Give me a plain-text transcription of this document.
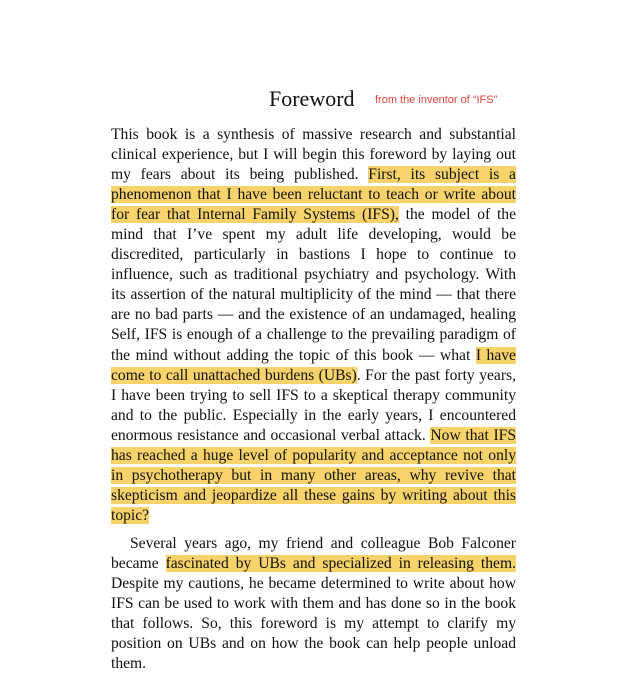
Foreword from the inventor of “IFS”

This book is a synthesis of massive research and substantial clinical experience, but I will begin this foreword by laying out my fears about its being published. First, its subject is a phenomenon that I have been reluctant to teach or write about for fear that Internal Family Systems (IFS), the model of the mind that I’ve spent my adult life developing, would be discredited, particularly in bastions I hope to continue to influence, such as traditional psychiatry and psychology. With its assertion of the natural multiplicity of the mind — that there are no bad parts — and the existence of an undamaged, healing Self, IFS is enough of a challenge to the prevailing paradigm of the mind without adding the topic of this book — what I have come to call unattached burdens (UBs). For the past forty years, I have been trying to sell IFS to a skeptical therapy community and to the public. Especially in the early years, I encountered enormous resistance and occasional verbal attack. Now that IFS has reached a huge level of popularity and acceptance not only in psychotherapy but in many other areas, why revive that skepticism and jeopardize all these gains by writing about this topic?

Several years ago, my friend and colleague Bob Falconer became fascinated by UBs and specialized in releasing them. Despite my cautions, he became determined to write about how IFS can be used to work with them and has done so in the book that follows. So, this foreword is my attempt to clarify my position on UBs and on how the book can help people unload them.
